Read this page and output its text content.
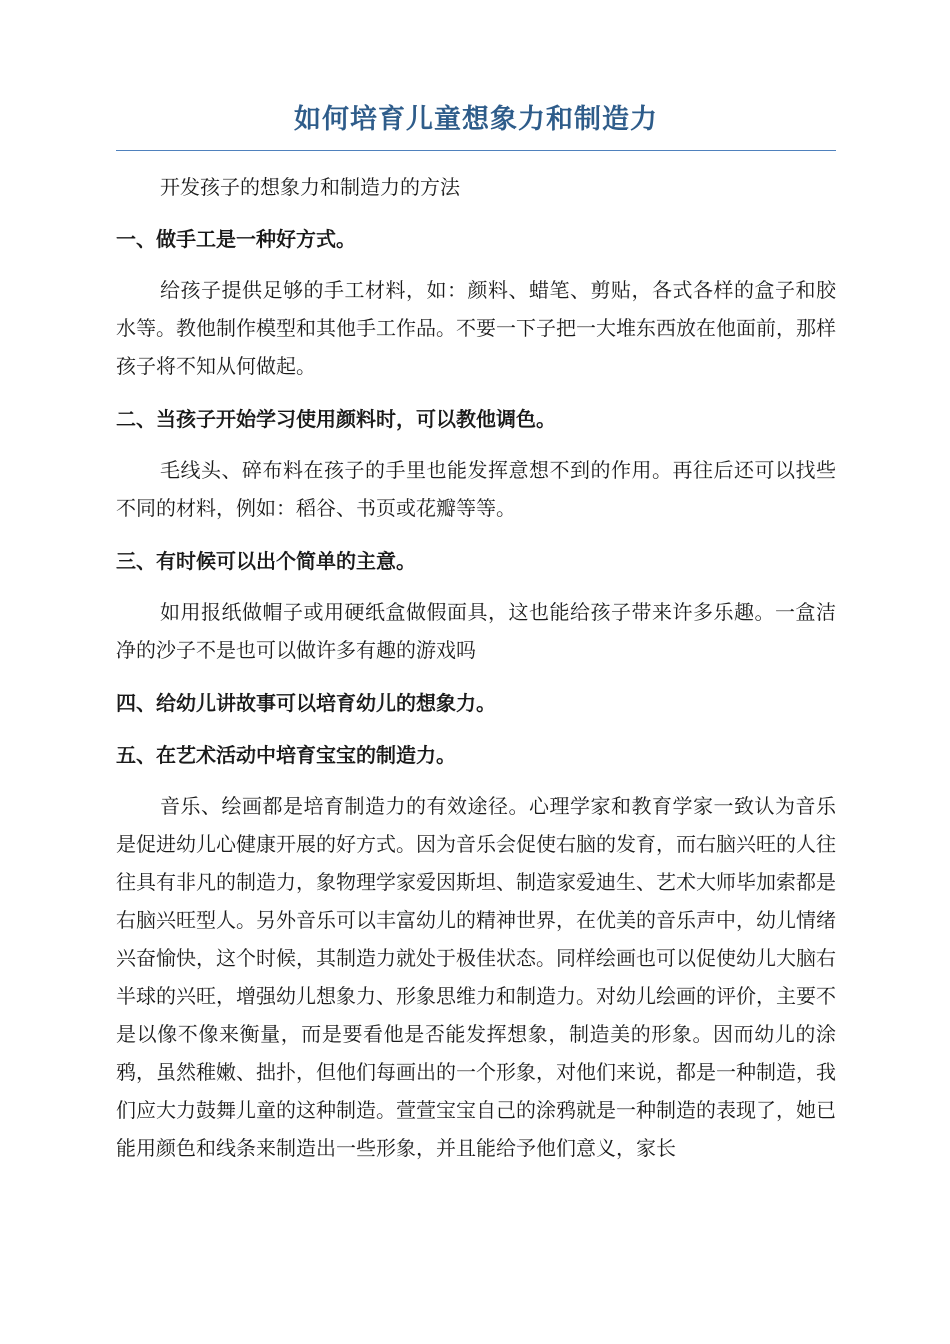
如何培育儿童想象力和制造力

开发孩子的想象力和制造力的方法

一、做手工是一种好方式。

给孩子提供足够的手工材料，如：颜料、蜡笔、剪贴，各式各样的盒子和胶水等。教他制作模型和其他手工作品。不要一下子把一大堆东西放在他面前，那样孩子将不知从何做起。

二、当孩子开始学习使用颜料时，可以教他调色。

毛线头、碎布料在孩子的手里也能发挥意想不到的作用。再往后还可以找些不同的材料，例如：稻谷、书页或花瓣等等。

三、有时候可以出个简单的主意。

如用报纸做帽子或用硬纸盒做假面具，这也能给孩子带来许多乐趣。一盒洁净的沙子不是也可以做许多有趣的游戏吗

四、给幼儿讲故事可以培育幼儿的想象力。
五、在艺术活动中培育宝宝的制造力。

音乐、绘画都是培育制造力的有效途径。心理学家和教育学家一致认为音乐是促进幼儿心健康开展的好方式。因为音乐会促使右脑的发育，而右脑兴旺的人往往具有非凡的制造力，象物理学家爱因斯坦、制造家爱迪生、艺术大师毕加索都是右脑兴旺型人。另外音乐可以丰富幼儿的精神世界，在优美的音乐声中，幼儿情绪兴奋愉快，这个时候，其制造力就处于极佳状态。同样绘画也可以促使幼儿大脑右半球的兴旺，增强幼儿想象力、形象思维力和制造力。对幼儿绘画的评价，主要不是以像不像来衡量，而是要看他是否能发挥想象，制造美的形象。因而幼儿的涂鸦，虽然稚嫩、拙扑，但他们每画出的一个形象，对他们来说，都是一种制造，我们应大力鼓舞儿童的这种制造。萱萱宝宝自己的涂鸦就是一种制造的表现了，她已能用颜色和线条来制造出一些形象，并且能给予他们意义，家长
